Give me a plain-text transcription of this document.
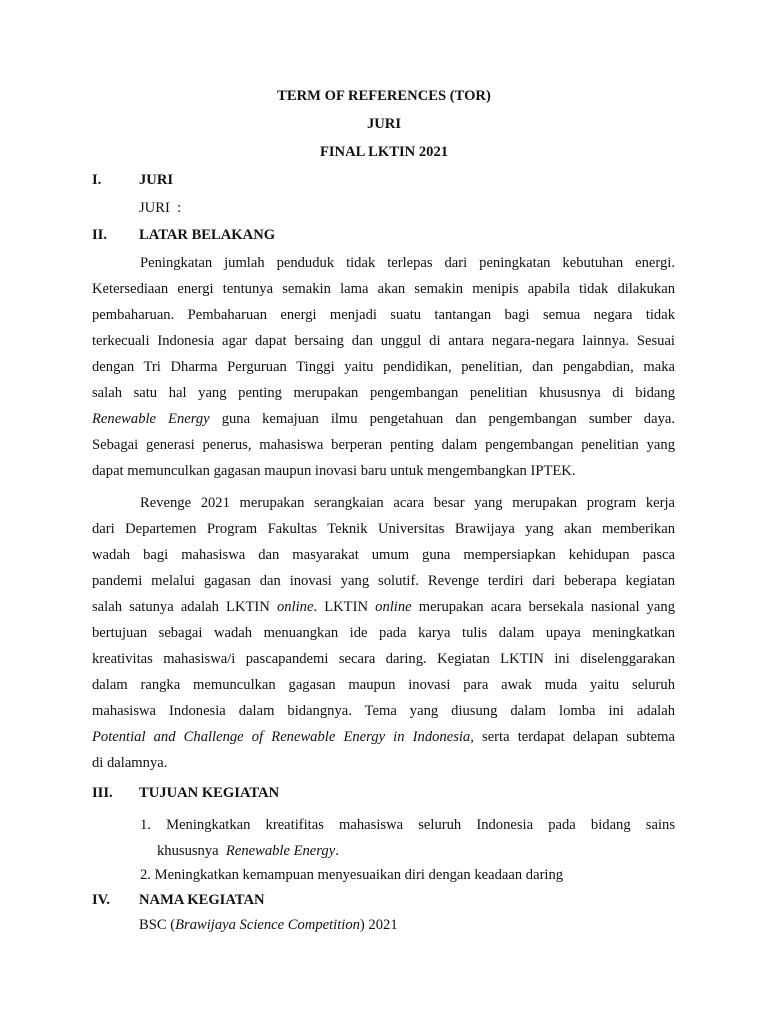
TERM OF REFERENCES (TOR)
JURI
FINAL LKTIN 2021
I.	JURI
JURI  :
II. LATAR BELAKANG
Peningkatan jumlah penduduk tidak terlepas dari peningkatan kebutuhan energi.
Ketersediaan energi tentunya semakin lama akan semakin menipis apabila tidak dilakukan
pembaharuan. Pembaharuan energi menjadi suatu tantangan bagi semua negara tidak
terkecuali Indonesia agar dapat bersaing dan unggul di antara negara-negara lainnya. Sesuai
dengan Tri Dharma Perguruan Tinggi yaitu pendidikan, penelitian, dan pengabdian, maka
salah satu hal yang penting merupakan pengembangan penelitian khususnya di bidang
Renewable Energy guna kemajuan ilmu pengetahuan dan pengembangan sumber daya.
Sebagai generasi penerus, mahasiswa berperan penting dalam pengembangan penelitian yang
dapat memunculkan gagasan maupun inovasi baru untuk mengembangkan IPTEK.
Revenge 2021 merupakan serangkaian acara besar yang merupakan program kerja
dari Departemen Program Fakultas Teknik Universitas Brawijaya yang akan memberikan
wadah bagi mahasiswa dan masyarakat umum guna mempersiapkan kehidupan pasca
pandemi melalui gagasan dan inovasi yang solutif. Revenge terdiri dari beberapa kegiatan
salah satunya adalah LKTIN online. LKTIN online merupakan acara bersekala nasional yang
bertujuan sebagai wadah menuangkan ide pada karya tulis dalam upaya meningkatkan
kreativitas mahasiswa/i pascapandemi secara daring. Kegiatan LKTIN ini diselenggarakan
dalam rangka memunculkan gagasan maupun inovasi para awak muda yaitu seluruh
mahasiswa Indonesia dalam bidangnya. Tema yang diusung dalam lomba ini adalah
Potential and Challenge of Renewable Energy in Indonesia, serta terdapat delapan subtema
di dalamnya.
III. TUJUAN KEGIATAN
1. Meningkatkan kreatifitas mahasiswa seluruh Indonesia pada bidang sains
khususnya Renewable Energy.
2. Meningkatkan kemampuan menyesuaikan diri dengan keadaan daring
IV. NAMA KEGIATAN
BSC (Brawijaya Science Competition) 2021
